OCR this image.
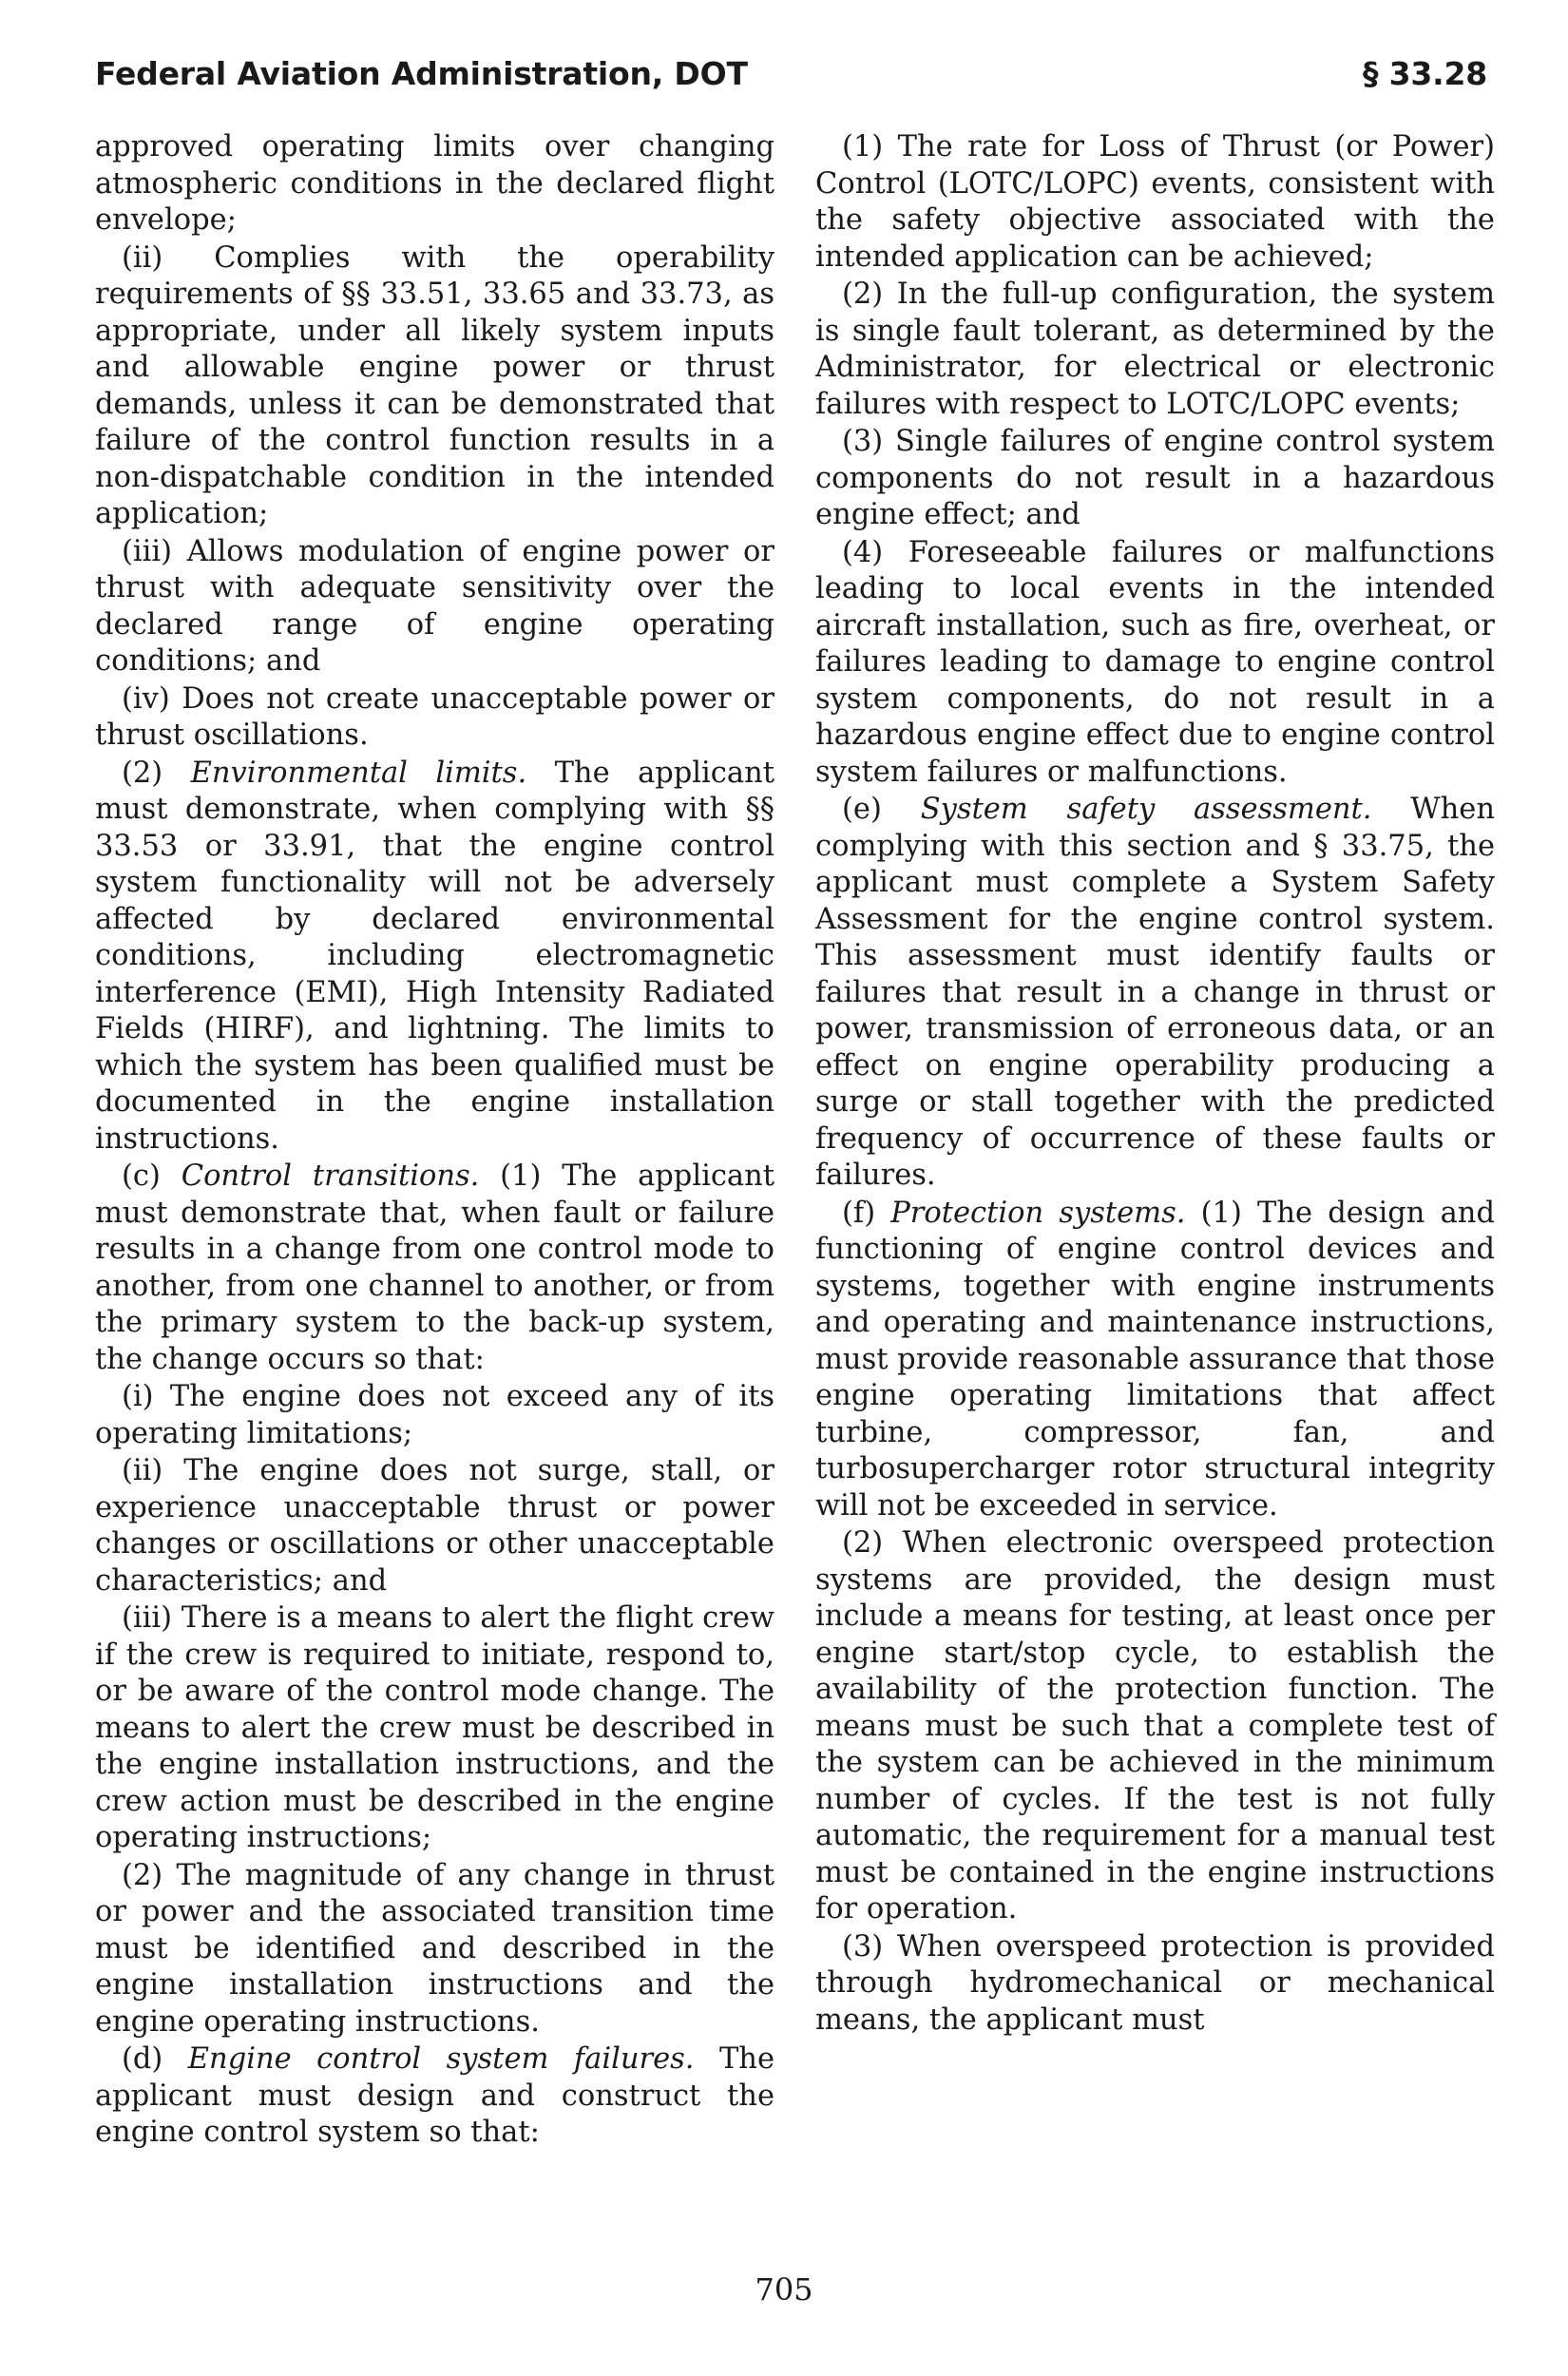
Federal Aviation Administration, DOT	§ 33.28

approved operating limits over changing atmospheric conditions in the declared flight envelope;

(ii) Complies with the operability requirements of §§ 33.51, 33.65 and 33.73, as appropriate, under all likely system inputs and allowable engine power or thrust demands, unless it can be demonstrated that failure of the control function results in a non-dispatchable condition in the intended application;

(iii) Allows modulation of engine power or thrust with adequate sensitivity over the declared range of engine operating conditions; and

(iv) Does not create unacceptable power or thrust oscillations.

(2) Environmental limits. The applicant must demonstrate, when complying with §§ 33.53 or 33.91, that the engine control system functionality will not be adversely affected by declared environmental conditions, including electromagnetic interference (EMI), High Intensity Radiated Fields (HIRF), and lightning. The limits to which the system has been qualified must be documented in the engine installation instructions.

(c) Control transitions. (1) The applicant must demonstrate that, when fault or failure results in a change from one control mode to another, from one channel to another, or from the primary system to the back-up system, the change occurs so that:

(i) The engine does not exceed any of its operating limitations;

(ii) The engine does not surge, stall, or experience unacceptable thrust or power changes or oscillations or other unacceptable characteristics; and

(iii) There is a means to alert the flight crew if the crew is required to initiate, respond to, or be aware of the control mode change. The means to alert the crew must be described in the engine installation instructions, and the crew action must be described in the engine operating instructions;

(2) The magnitude of any change in thrust or power and the associated transition time must be identified and described in the engine installation instructions and the engine operating instructions.

(d) Engine control system failures. The applicant must design and construct the engine control system so that:

(1) The rate for Loss of Thrust (or Power) Control (LOTC/LOPC) events, consistent with the safety objective associated with the intended application can be achieved;

(2) In the full-up configuration, the system is single fault tolerant, as determined by the Administrator, for electrical or electronic failures with respect to LOTC/LOPC events;

(3) Single failures of engine control system components do not result in a hazardous engine effect; and

(4) Foreseeable failures or malfunctions leading to local events in the intended aircraft installation, such as fire, overheat, or failures leading to damage to engine control system components, do not result in a hazardous engine effect due to engine control system failures or malfunctions.

(e) System safety assessment. When complying with this section and § 33.75, the applicant must complete a System Safety Assessment for the engine control system. This assessment must identify faults or failures that result in a change in thrust or power, transmission of erroneous data, or an effect on engine operability producing a surge or stall together with the predicted frequency of occurrence of these faults or failures.

(f) Protection systems. (1) The design and functioning of engine control devices and systems, together with engine instruments and operating and maintenance instructions, must provide reasonable assurance that those engine operating limitations that affect turbine, compressor, fan, and turbosupercharger rotor structural integrity will not be exceeded in service.

(2) When electronic overspeed protection systems are provided, the design must include a means for testing, at least once per engine start/stop cycle, to establish the availability of the protection function. The means must be such that a complete test of the system can be achieved in the minimum number of cycles. If the test is not fully automatic, the requirement for a manual test must be contained in the engine instructions for operation.

(3) When overspeed protection is provided through hydromechanical or mechanical means, the applicant must

705
